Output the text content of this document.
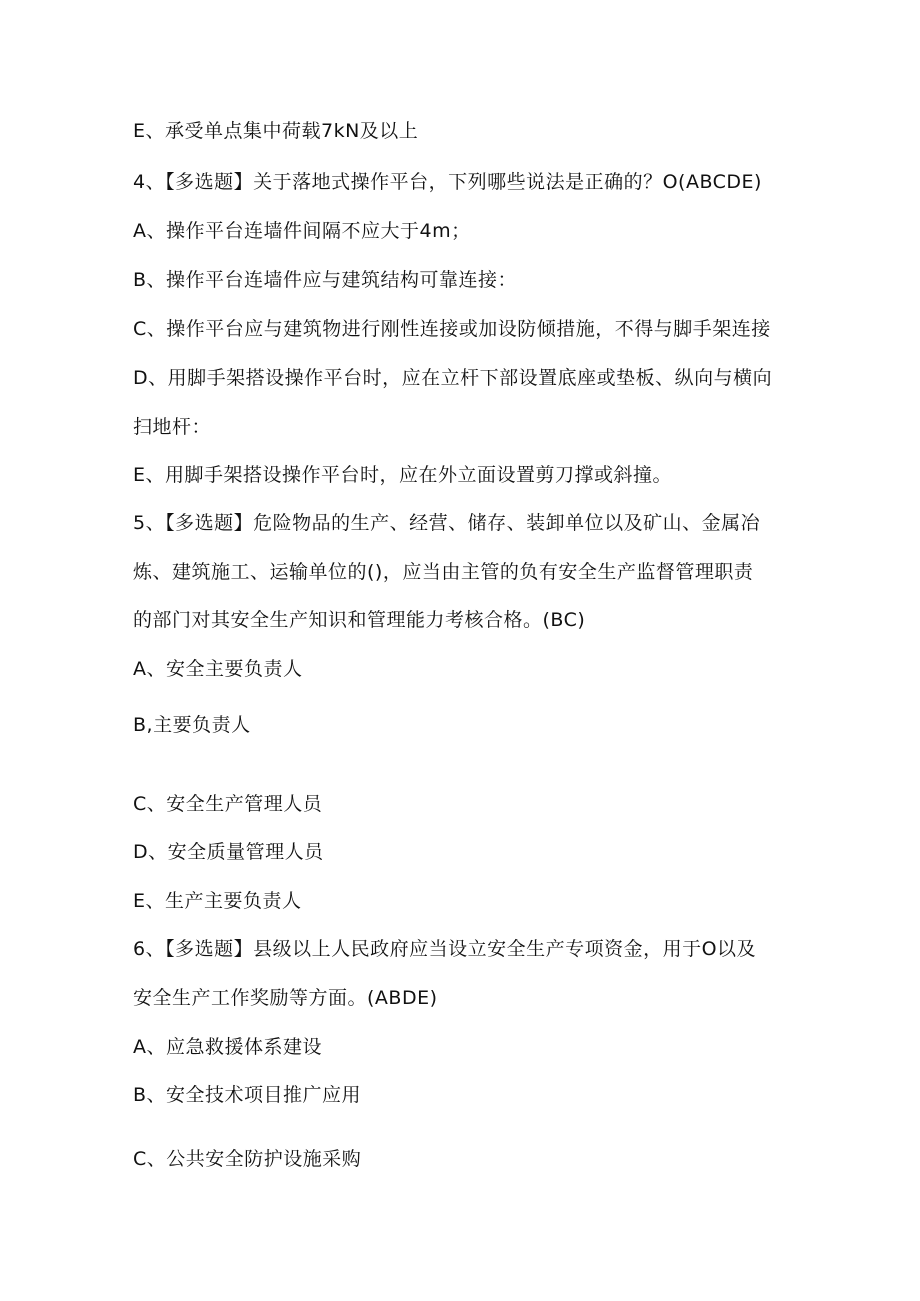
E、承受单点集中荷载7kN及以上
4、【多选题】关于落地式操作平台，下列哪些说法是正确的？O(ABCDE)
A、操作平台连墙件间隔不应大于4m；
B、操作平台连墙件应与建筑结构可靠连接：
C、操作平台应与建筑物进行刚性连接或加设防倾措施，不得与脚手架连接
D、用脚手架搭设操作平台时，应在立杆下部设置底座或垫板、纵向与横向
扫地杆：
E、用脚手架搭设操作平台时，应在外立面设置剪刀撑或斜撞。
5、【多选题】危险物品的生产、经营、储存、装卸单位以及矿山、金属冶
炼、建筑施工、运输单位的()，应当由主管的负有安全生产监督管理职责
的部门对其安全生产知识和管理能力考核合格。(BC)
A、安全主要负责人
B,主要负责人
C、安全生产管理人员
D、安全质量管理人员
E、生产主要负责人
6、【多选题】县级以上人民政府应当设立安全生产专项资金，用于O以及
安全生产工作奖励等方面。(ABDE)
A、应急救援体系建设
B、安全技术项目推广应用
C、公共安全防护设施采购
